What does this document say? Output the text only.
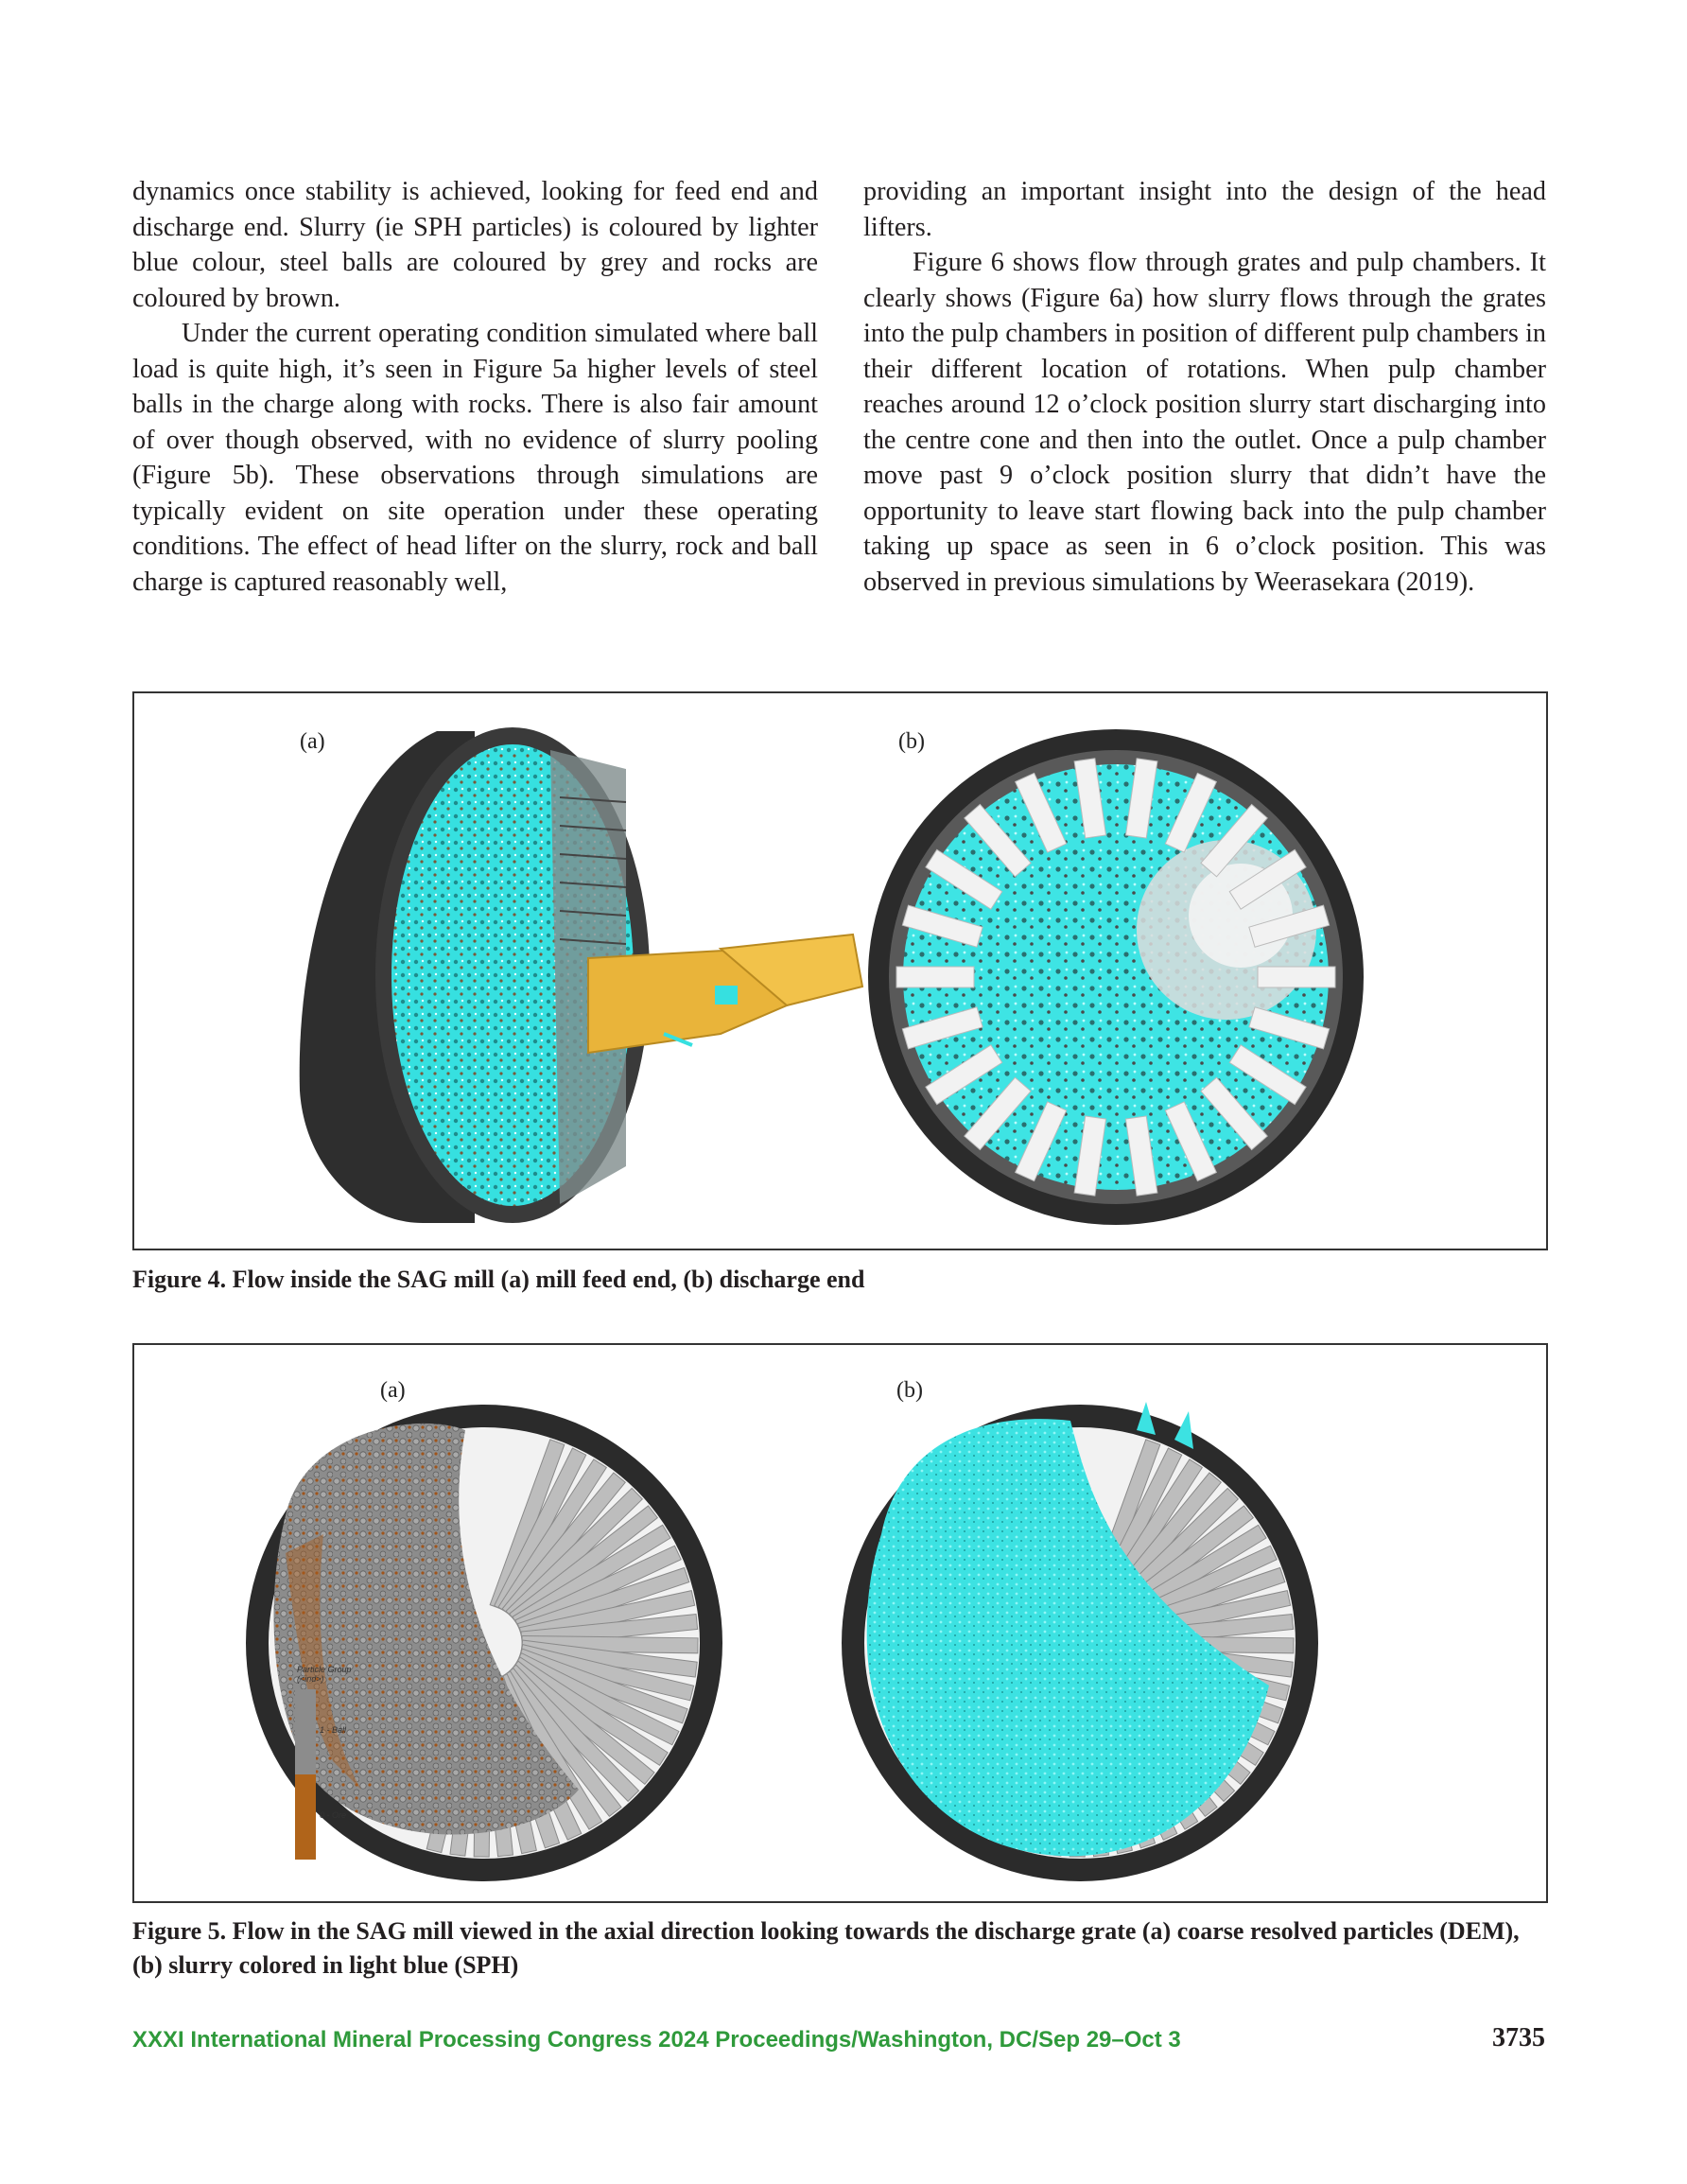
dynamics once stability is achieved, looking for feed end and discharge end. Slurry (ie SPH particles) is coloured by lighter blue colour, steel balls are coloured by grey and rocks are coloured by brown.

Under the current operating condition simulated where ball load is quite high, it’s seen in Figure 5a higher levels of steel balls in the charge along with rocks. There is also fair amount of over though observed, with no evidence of slurry pooling (Figure 5b). These observations through simulations are typically evident on site operation under these operating conditions. The effect of head lifter on the slurry, rock and ball charge is captured reasonably well,

providing an important insight into the design of the head lifters.

Figure 6 shows flow through grates and pulp chambers. It clearly shows (Figure 6a) how slurry flows through the grates into the pulp chambers in position of different pulp chambers in their different location of rotations. When pulp chamber reaches around 12 o’clock position slurry start discharging into the centre cone and then into the outlet. Once a pulp chamber move past 9 o’clock position slurry that didn’t have the opportunity to leave start flowing back into the pulp chamber taking up space as seen in 6 o’clock position. This was observed in previous simulations by Weerasekara (2019).

(a)	(b)
Figure 4. Flow inside the SAG mill (a) mill feed end, (b) discharge end
(a)
Particle Group
(<ind>)
1 - Ball
0 - Ore
(b)
Figure 5. Flow in the SAG mill viewed in the axial direction looking towards the discharge grate (a) coarse resolved particles (DEM), (b) slurry colored in light blue (SPH)
XXXI International Mineral Processing Congress 2024 Proceedings/Washington, DC/Sep 29–Oct 3	3735
